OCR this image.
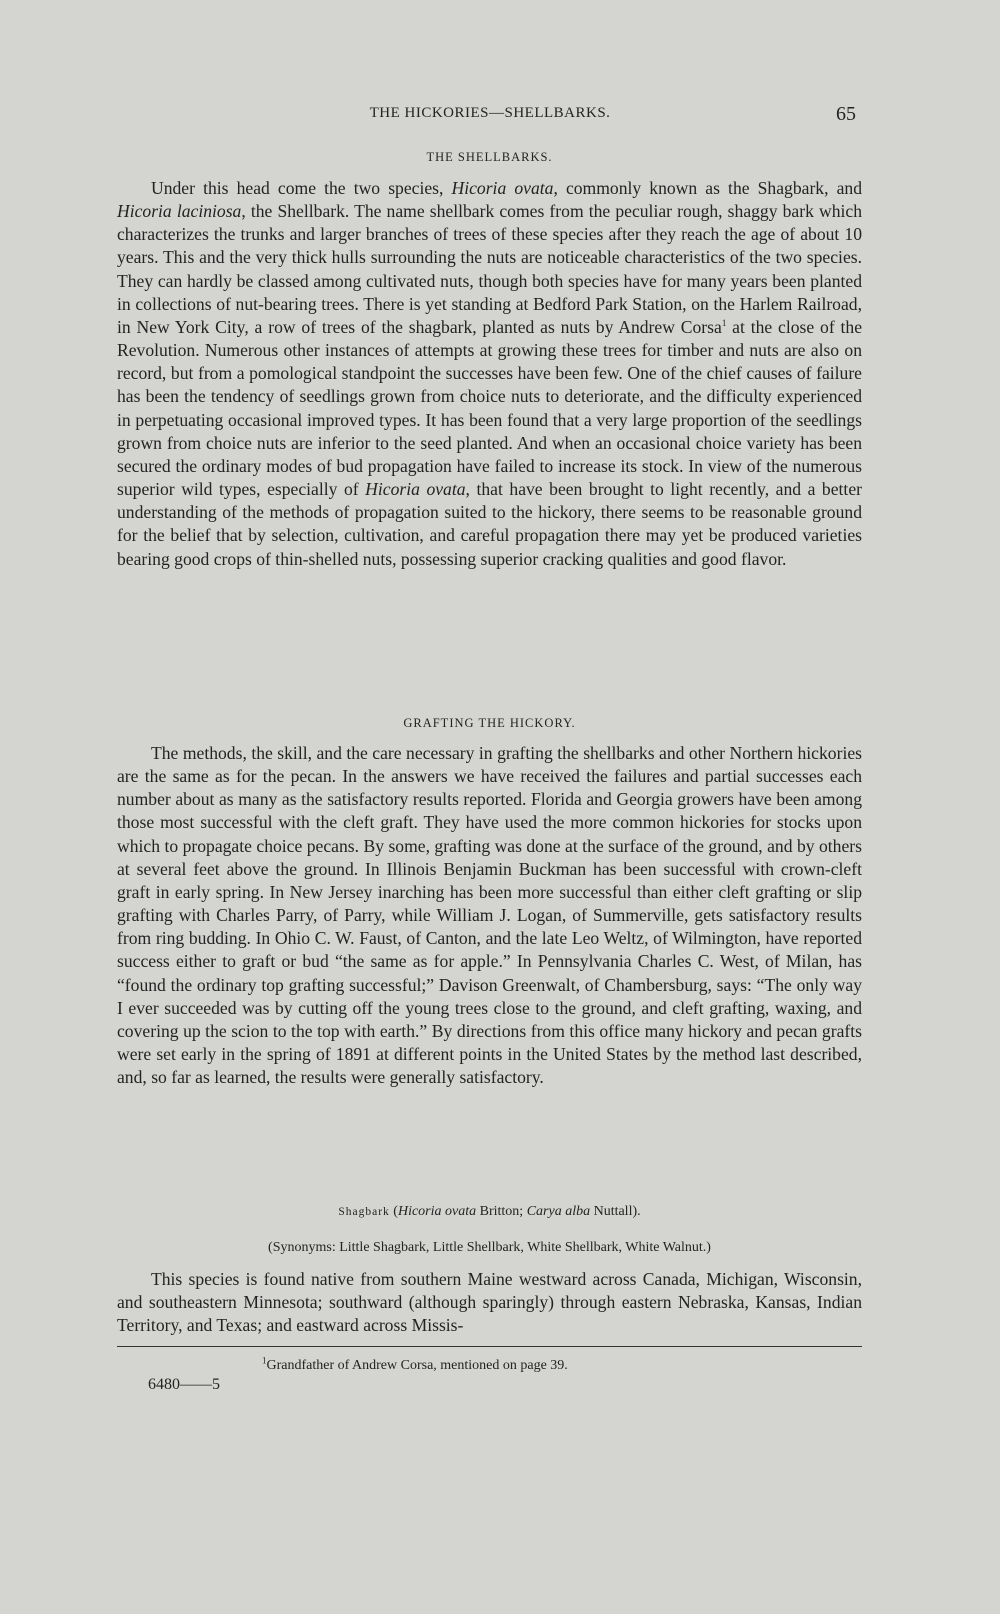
THE HICKORIES—SHELLBARKS.	65
THE SHELLBARKS.

Under this head come the two species, Hicoria ovata, commonly known as the Shagbark, and Hicoria laciniosa, the Shellbark. The name shellbark comes from the peculiar rough, shaggy bark which characterizes the trunks and larger branches of trees of these species after they reach the age of about 10 years. This and the very thick hulls surrounding the nuts are noticeable characteristics of the two species. They can hardly be classed among cultivated nuts, though both species have for many years been planted in collections of nut-bearing trees. There is yet standing at Bedford Park Station, on the Harlem Railroad, in New York City, a row of trees of the shagbark, planted as nuts by Andrew Corsa$^1$ at the close of the Revolution. Numerous other instances of attempts at growing these trees for timber and nuts are also on record, but from a pomological standpoint the successes have been few. One of the chief causes of failure has been the tendency of seedlings grown from choice nuts to deteriorate, and the difficulty experienced in perpetuating occasional improved types. It has been found that a very large proportion of the seedlings grown from choice nuts are inferior to the seed planted. And when an occasional choice variety has been secured the ordinary modes of bud propagation have failed to increase its stock. In view of the numerous superior wild types, especially of Hicoria ovata, that have been brought to light recently, and a better understanding of the methods of propagation suited to the hickory, there seems to be reasonable ground for the belief that by selection, cultivation, and careful propagation there may yet be produced varieties bearing good crops of thin-shelled nuts, possessing superior cracking qualities and good flavor.

GRAFTING THE HICKORY.

The methods, the skill, and the care necessary in grafting the shellbarks and other Northern hickories are the same as for the pecan. In the answers we have received the failures and partial successes each number about as many as the satisfactory results reported. Florida and Georgia growers have been among those most successful with the cleft graft. They have used the more common hickories for stocks upon which to propagate choice pecans. By some, grafting was done at the surface of the ground, and by others at several feet above the ground. In Illinois Benjamin Buckman has been successful with crown-cleft graft in early spring. In New Jersey inarching has been more successful than either cleft grafting or slip grafting with Charles Parry, of Parry, while William J. Logan, of Summerville, gets satisfactory results from ring budding. In Ohio C. W. Faust, of Canton, and the late Leo Weltz, of Wilmington, have reported success either to graft or bud “the same as for apple.” In Pennsylvania Charles C. West, of Milan, has “found the ordinary top grafting successful;” Davison Greenwalt, of Chambersburg, says: “The only way I ever succeeded was by cutting off the young trees close to the ground, and cleft grafting, waxing, and covering up the scion to the top with earth.” By directions from this office many hickory and pecan grafts were set early in the spring of 1891 at different points in the United States by the method last described, and, so far as learned, the results were generally satisfactory.

Shagbark (Hicoria ovata Britton; Carya alba Nuttall).
(Synonyms: Little Shagbark, Little Shellbark, White Shellbark, White Walnut.)

This species is found native from southern Maine westward across Canada, Michigan, Wisconsin, and southeastern Minnesota; southward (although sparingly) through eastern Nebraska, Kansas, Indian Territory, and Texas; and eastward across Missis-

$^1$Grandfather of Andrew Corsa, mentioned on page 39.
6480——5
